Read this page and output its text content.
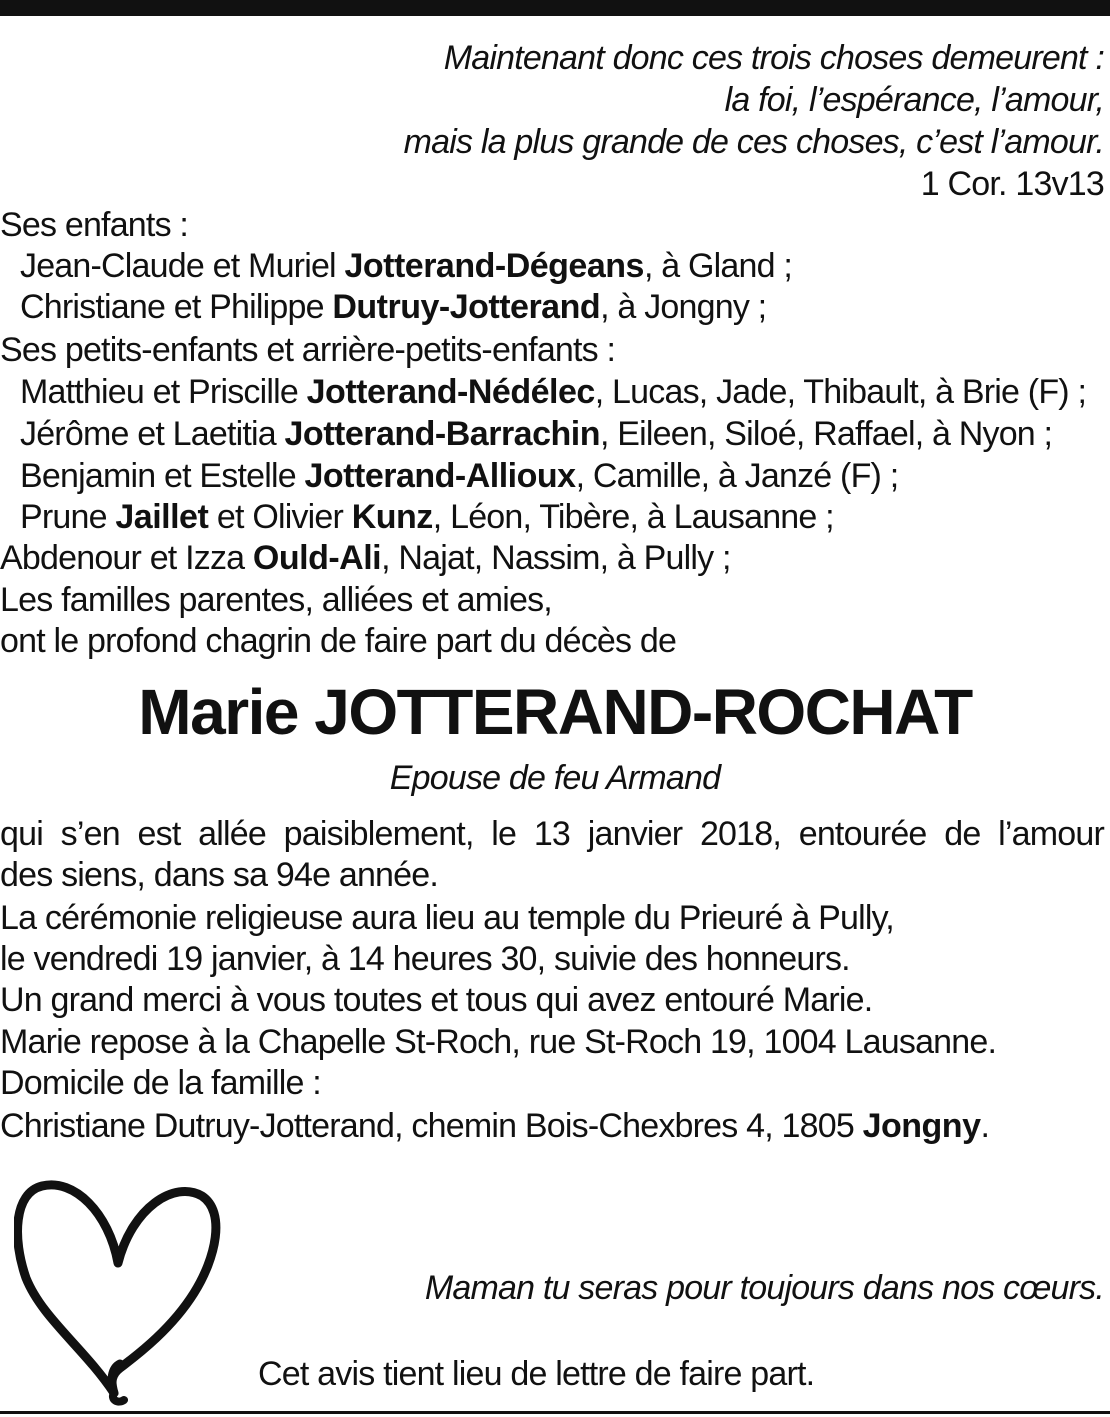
Maintenant donc ces trois choses demeurent :
la foi, l’espérance, l’amour,
mais la plus grande de ces choses, c’est l’amour.
1 Cor. 13v13
Ses enfants :
Jean-Claude et Muriel Jotterand-Dégeans, à Gland ;
Christiane et Philippe Dutruy-Jotterand, à Jongny ;
Ses petits-enfants et arrière-petits-enfants :
Matthieu et Priscille Jotterand-Nédélec, Lucas, Jade, Thibault, à Brie (F) ;
Jérôme et Laetitia Jotterand-Barrachin, Eileen, Siloé, Raffael, à Nyon ;
Benjamin et Estelle Jotterand-Allioux, Camille, à Janzé (F) ;
Prune Jaillet et Olivier Kunz, Léon, Tibère, à Lausanne ;
Abdenour et Izza Ould-Ali, Najat, Nassim, à Pully ;
Les familles parentes, alliées et amies,
ont le profond chagrin de faire part du décès de
Marie JOTTERAND-ROCHAT
Epouse de feu Armand
qui s’en est allée paisiblement, le 13 janvier 2018, entourée de l’amour
des siens, dans sa 94e année.
La cérémonie religieuse aura lieu au temple du Prieuré à Pully,
le vendredi 19 janvier, à 14 heures 30, suivie des honneurs.
Un grand merci à vous toutes et tous qui avez entouré Marie.
Marie repose à la Chapelle St-Roch, rue St-Roch 19, 1004 Lausanne.
Domicile de la famille :
Christiane Dutruy-Jotterand, chemin Bois-Chexbres 4, 1805 Jongny.
Maman tu seras pour toujours dans nos cœurs.
Cet avis tient lieu de lettre de faire part.
